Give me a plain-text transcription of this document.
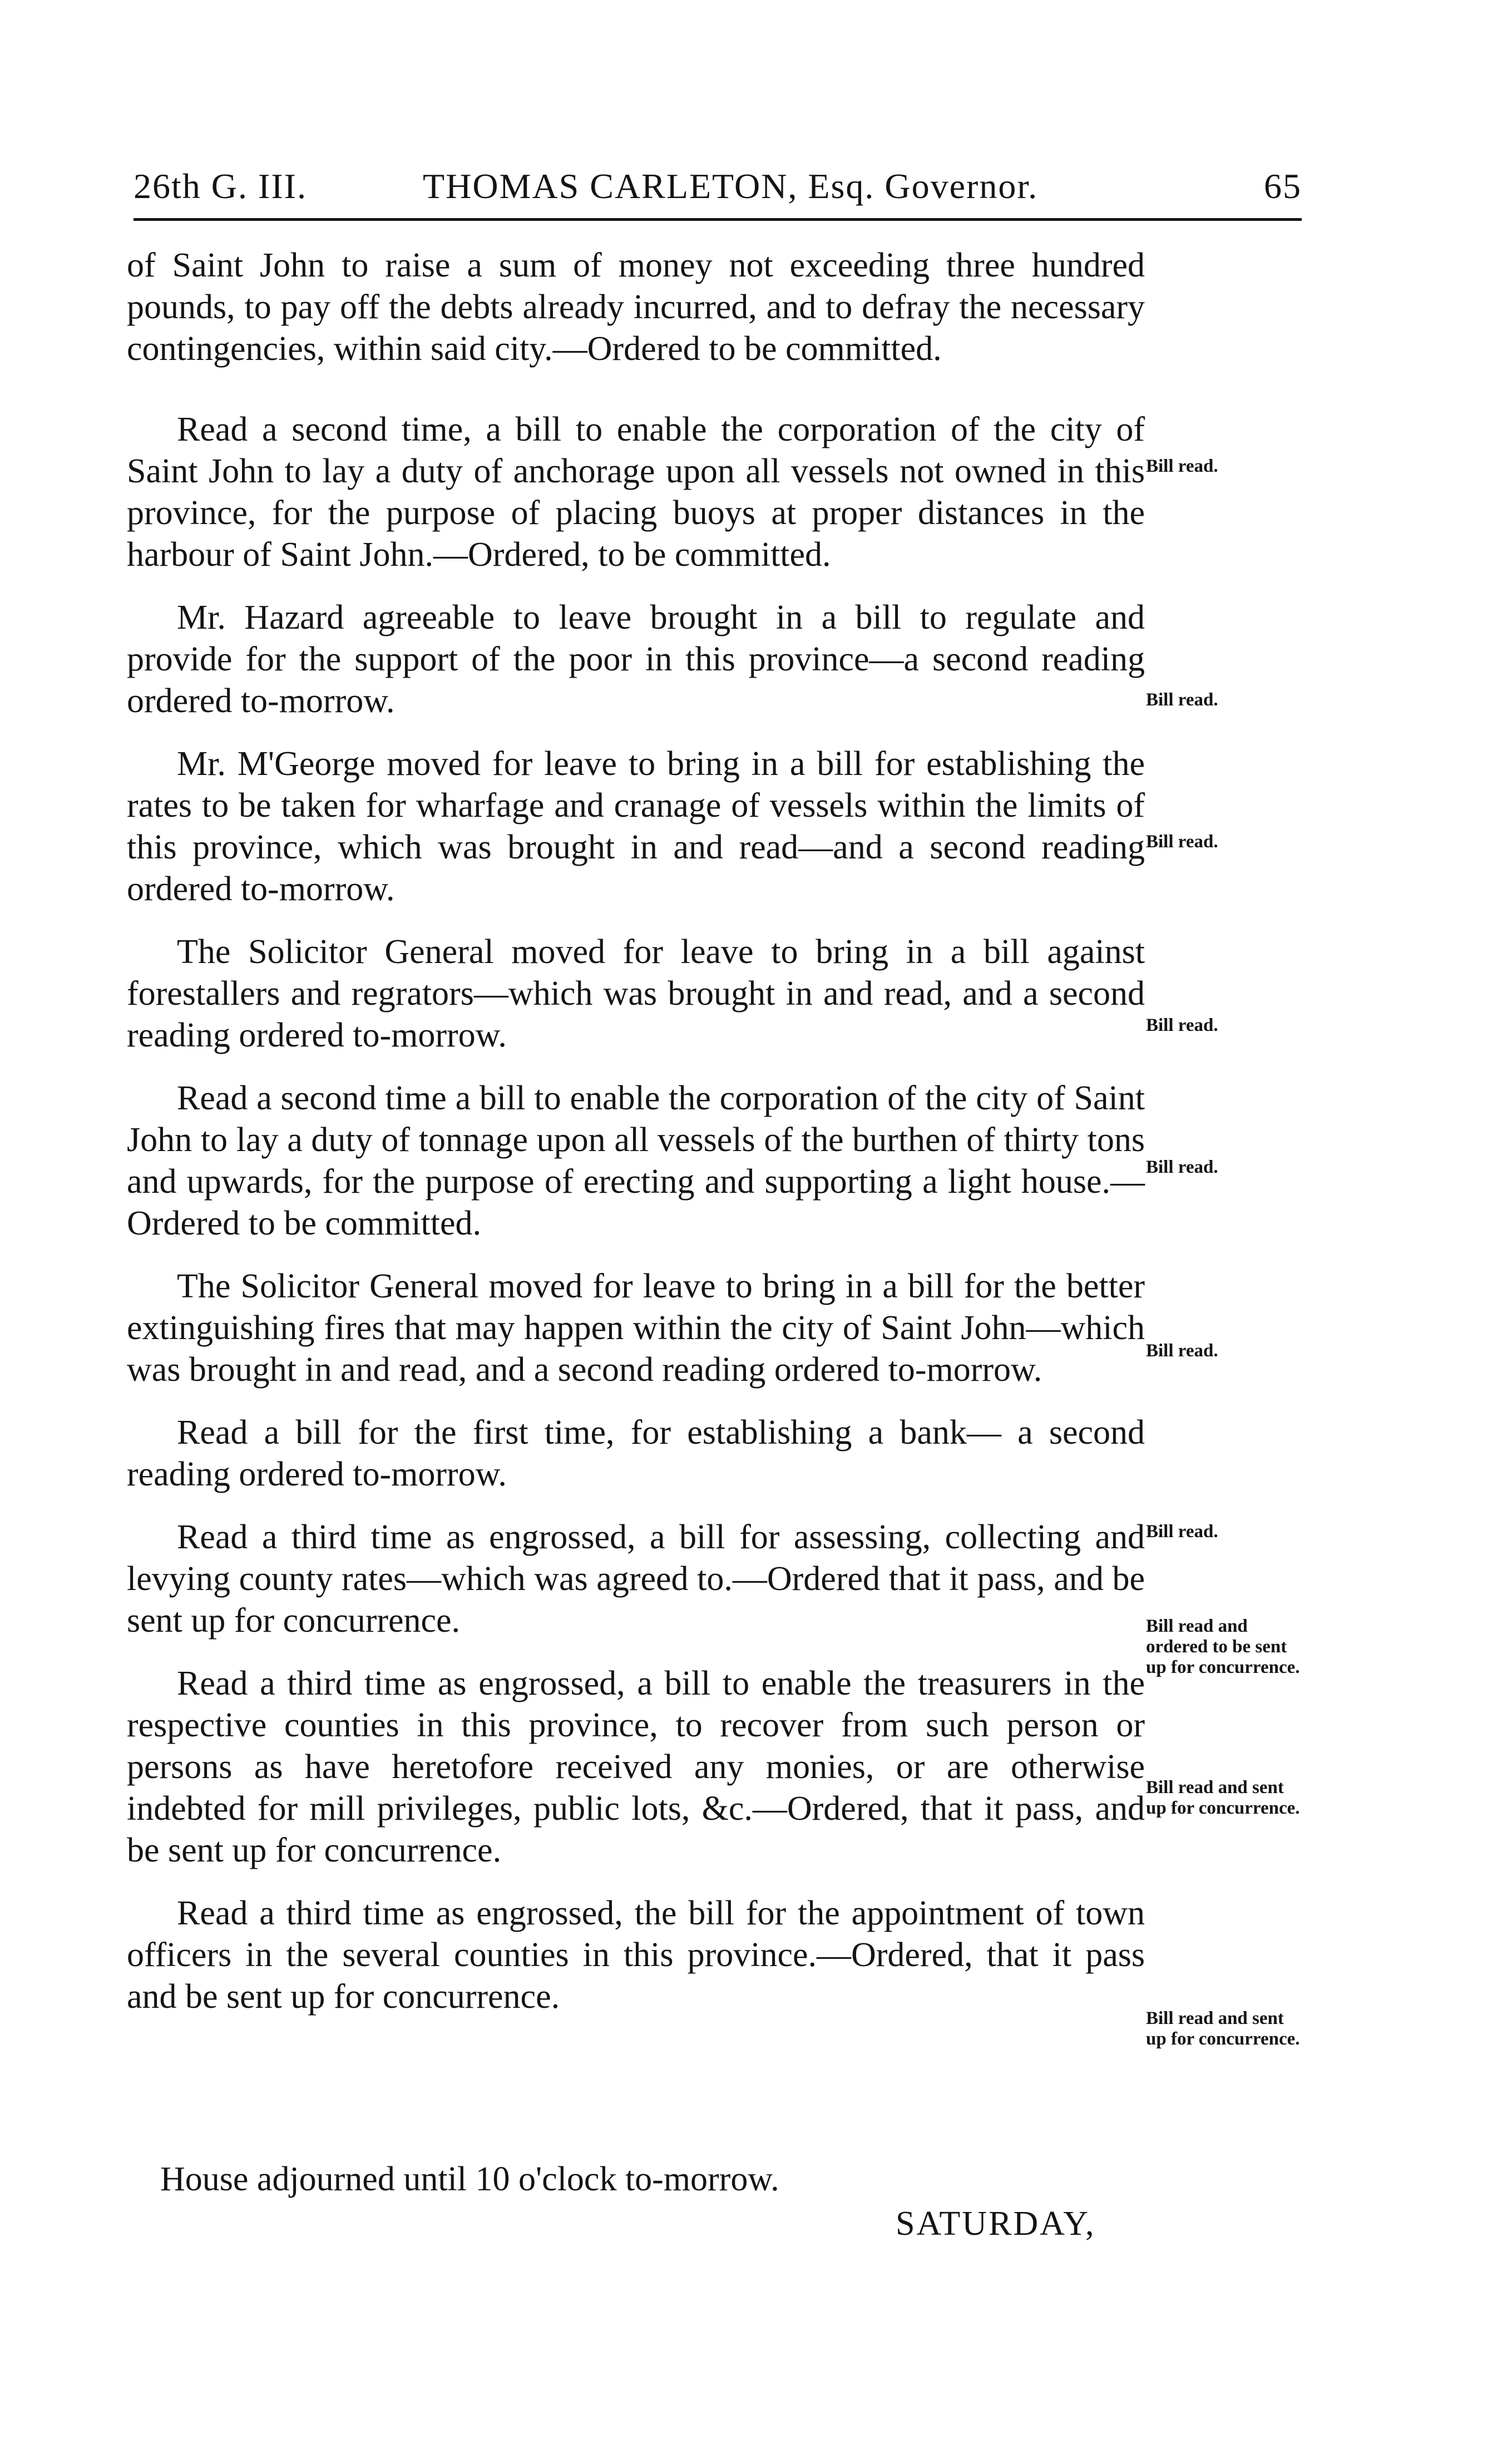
26th G. III.	THOMAS CARLETON, Esq. Governor.	65

of Saint John to raise a sum of money not exceeding three hundred pounds, to pay off the debts already incurred, and to defray the necessary contingencies, within said city.—Ordered to be committed.

Read a second time, a bill to enable the corporation of the city of Saint John to lay a duty of anchorage upon all vessels not owned in this province, for the purpose of placing buoys at proper distances in the harbour of Saint John.—Ordered, to be committed.

Mr. Hazard agreeable to leave brought in a bill to regulate and provide for the support of the poor in this province—a second reading ordered to-morrow.

Mr. M'George moved for leave to bring in a bill for establishing the rates to be taken for wharfage and cranage of vessels within the limits of this province, which was brought in and read—and a second reading ordered to-morrow.

The Solicitor General moved for leave to bring in a bill against forestallers and regrators—which was brought in and read, and a second reading ordered to-morrow.

Read a second time a bill to enable the corporation of the city of Saint John to lay a duty of tonnage upon all vessels of the burthen of thirty tons and upwards, for the purpose of erecting and supporting a light house.—Ordered to be committed.

The Solicitor General moved for leave to bring in a bill for the better extinguishing fires that may happen within the city of Saint John—which was brought in and read, and a second reading ordered to-morrow.

Read a bill for the first time, for establishing a bank— a second reading ordered to-morrow.

Read a third time as engrossed, a bill for assessing, collecting and levying county rates—which was agreed to.—Ordered that it pass, and be sent up for concurrence.

Read a third time as engrossed, a bill to enable the treasurers in the respective counties in this province, to recover from such person or persons as have heretofore received any monies, or are otherwise indebted for mill privileges, public lots, &c.—Ordered, that it pass, and be sent up for concurrence.

Read a third time as engrossed, the bill for the appointment of town officers in the several counties in this province.—Ordered, that it pass and be sent up for concurrence.

Bill read.
Bill read.
Bill read.
Bill read.
Bill read.
Bill read.
Bill read.
Bill read and ordered to be sent up for concurrence.
Bill read and sent up for concurrence.
Bill read and sent up for concurrence.
House adjourned until 10 o'clock to-morrow.
SATURDAY,
